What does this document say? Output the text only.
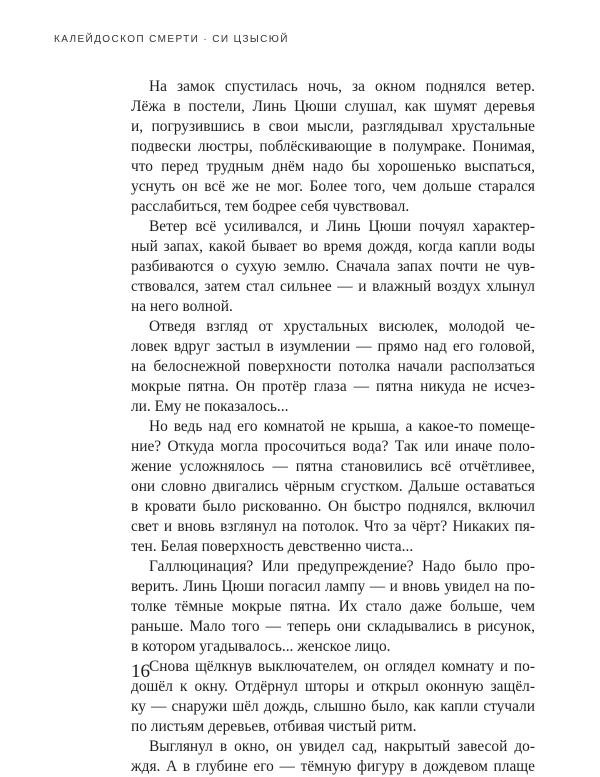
КАЛЕЙДОСКОП СМЕРТИ · СИ ЦЗЫСЮЙ
На замок спустилась ночь, за окном поднялся ветер.
Лёжа в постели, Линь Цюши слушал, как шумят деревья
и, погрузившись в свои мысли, разглядывал хрустальные
подвески люстры, поблёскивающие в полумраке. Понимая,
что перед трудным днём надо бы хорошенько выспаться,
уснуть он всё же не мог. Более того, чем дольше старался
расслабиться, тем бодрее себя чувствовал.
Ветер всё усиливался, и Линь Цюши почуял характер-
ный запах, какой бывает во время дождя, когда капли воды
разбиваются о сухую землю. Сначала запах почти не чув-
ствовался, затем стал сильнее — и влажный воздух хлынул
на него волной.
Отведя взгляд от хрустальных висюлек, молодой че-
ловек вдруг застыл в изумлении — прямо над его головой,
на белоснежной поверхности потолка начали расползаться
мокрые пятна. Он протёр глаза — пятна никуда не исчез-
ли. Ему не показалось...
Но ведь над его комнатой не крыша, а какое-то помеще-
ние? Откуда могла просочиться вода? Так или иначе поло-
жение усложнялось — пятна становились всё отчётливее,
они словно двигались чёрным сгустком. Дальше оставаться
в кровати было рискованно. Он быстро поднялся, включил
свет и вновь взглянул на потолок. Что за чёрт? Никаких пя-
тен. Белая поверхность девственно чиста...
Галлюцинация? Или предупреждение? Надо было про-
верить. Линь Цюши погасил лампу — и вновь увидел на по-
толке тёмные мокрые пятна. Их стало даже больше, чем
раньше. Мало того — теперь они складывались в рисунок,
в котором угадывалось... женское лицо.
Снова щёлкнув выключателем, он оглядел комнату и по-
дошёл к окну. Отдёрнул шторы и открыл оконную защёл-
ку — снаружи шёл дождь, слышно было, как капли стучали
по листьям деревьев, отбивая чистый ритм.
Выглянул в окно, он увидел сад, накрытый завесой до-
ждя. А в глубине его — тёмную фигуру в дождевом плаще
16
